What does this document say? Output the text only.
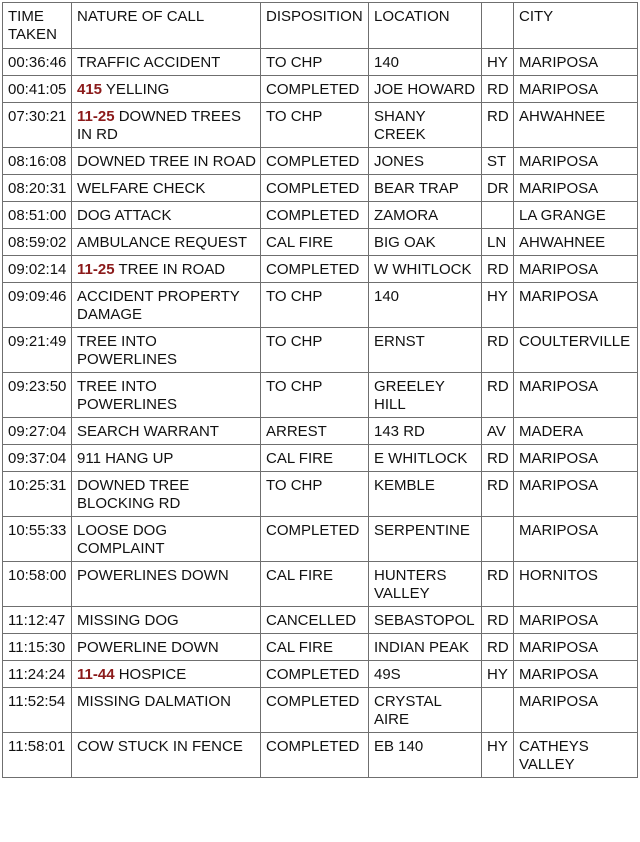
TIME TAKEN	NATURE OF CALL	DISPOSITION	LOCATION		CITY
00:36:46	TRAFFIC ACCIDENT	TO CHP	140	HY	MARIPOSA
00:41:05	415 YELLING	COMPLETED	JOE HOWARD	RD	MARIPOSA
07:30:21	11-25 DOWNED TREES IN RD	TO CHP	SHANY CREEK	RD	AHWAHNEE
08:16:08	DOWNED TREE IN ROAD	COMPLETED	JONES	ST	MARIPOSA
08:20:31	WELFARE CHECK	COMPLETED	BEAR TRAP	DR	MARIPOSA
08:51:00	DOG ATTACK	COMPLETED	ZAMORA		LA GRANGE
08:59:02	AMBULANCE REQUEST	CAL FIRE	BIG OAK	LN	AHWAHNEE
09:02:14	11-25 TREE IN ROAD	COMPLETED	W WHITLOCK	RD	MARIPOSA
09:09:46	ACCIDENT PROPERTY DAMAGE	TO CHP	140	HY	MARIPOSA
09:21:49	TREE INTO POWERLINES	TO CHP	ERNST	RD	COULTERVILLE
09:23:50	TREE INTO POWERLINES	TO CHP	GREELEY HILL	RD	MARIPOSA
09:27:04	SEARCH WARRANT	ARREST	143 RD	AV	MADERA
09:37:04	911 HANG UP	CAL FIRE	E WHITLOCK	RD	MARIPOSA
10:25:31	DOWNED TREE BLOCKING RD	TO CHP	KEMBLE	RD	MARIPOSA
10:55:33	LOOSE DOG COMPLAINT	COMPLETED	SERPENTINE		MARIPOSA
10:58:00	POWERLINES DOWN	CAL FIRE	HUNTERS VALLEY	RD	HORNITOS
11:12:47	MISSING DOG	CANCELLED	SEBASTOPOL	RD	MARIPOSA
11:15:30	POWERLINE DOWN	CAL FIRE	INDIAN PEAK	RD	MARIPOSA
11:24:24	11-44 HOSPICE	COMPLETED	49S	HY	MARIPOSA
11:52:54	MISSING DALMATION	COMPLETED	CRYSTAL AIRE		MARIPOSA
11:58:01	COW STUCK IN FENCE	COMPLETED	EB 140	HY	CATHEYS VALLEY
